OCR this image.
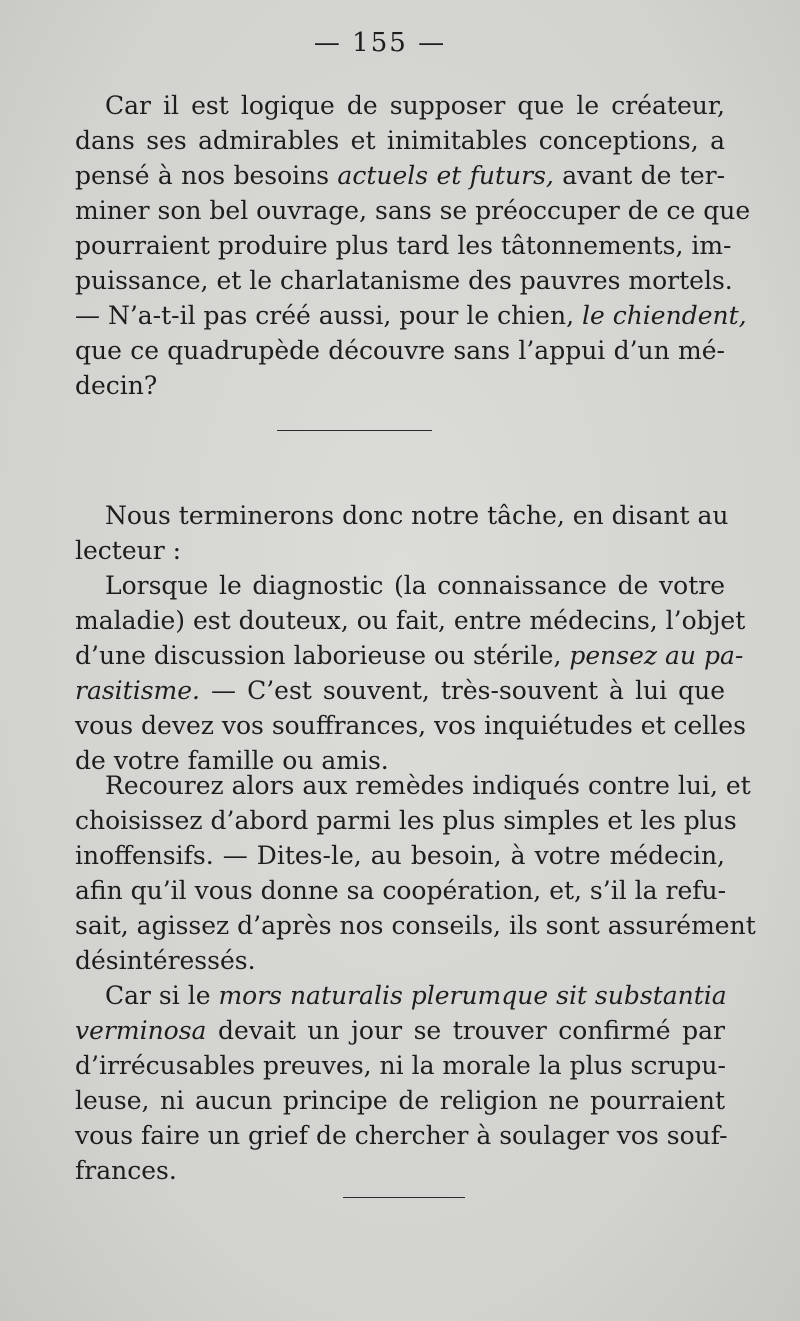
— 155 —
Car il est logique de supposer que le créateur,
dans ses admirables et inimitables conceptions, a
pensé à nos besoins actuels et futurs, avant de ter-
miner son bel ouvrage, sans se préoccuper de ce que
pourraient produire plus tard les tâtonnements, im-
puissance, et le charlatanisme des pauvres mortels.
— N’a-t-il pas créé aussi, pour le chien, le chiendent,
que ce quadrupède découvre sans l’appui d’un mé-
decin?
Nous terminerons donc notre tâche, en disant au
lecteur :
Lorsque le diagnostic (la connaissance de votre
maladie) est douteux, ou fait, entre médecins, l’objet
d’une discussion laborieuse ou stérile, pensez au pa-
rasitisme. — C’est souvent, très-souvent à lui que
vous devez vos souffrances, vos inquiétudes et celles
de votre famille ou amis.
Recourez alors aux remèdes indiqués contre lui, et
choisissez d’abord parmi les plus simples et les plus
inoffensifs. — Dites-le, au besoin, à votre médecin,
afin qu’il vous donne sa coopération, et, s’il la refu-
sait, agissez d’après nos conseils, ils sont assurément
désintéressés.
Car si le mors naturalis plerumque sit substantia
verminosa devait un jour se trouver confirmé par
d’irrécusables preuves, ni la morale la plus scrupu-
leuse, ni aucun principe de religion ne pourraient
vous faire un grief de chercher à soulager vos souf-
frances.
